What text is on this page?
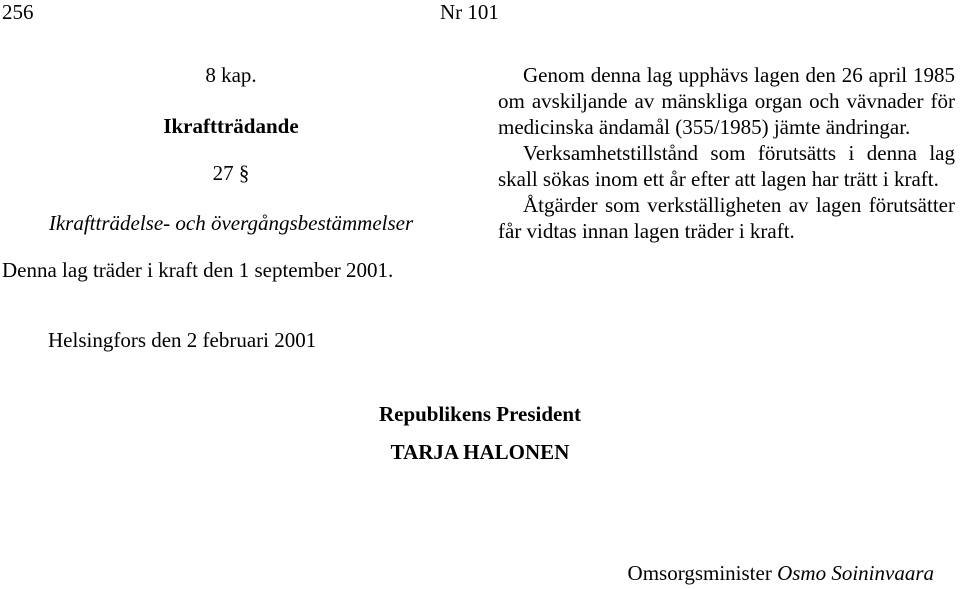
256	Nr 101
8 kap.
Ikraftträdande
27 §
Ikraftträdelse- och övergångsbestämmelser
Denna lag träder i kraft den 1 september 2001.

Genom denna lag upphävs lagen den 26 april 1985 om avskiljande av mänskliga organ och vävnader för medicinska ändamål (355/1985) jämte ändringar.

Verksamhetstillstånd som förutsätts i denna lag skall sökas inom ett år efter att lagen har trätt i kraft.

Åtgärder som verkställigheten av lagen förutsätter får vidtas innan lagen träder i kraft.

Helsingfors den 2 februari 2001
Republikens President
TARJA HALONEN
Omsorgsminister Osmo Soininvaara
